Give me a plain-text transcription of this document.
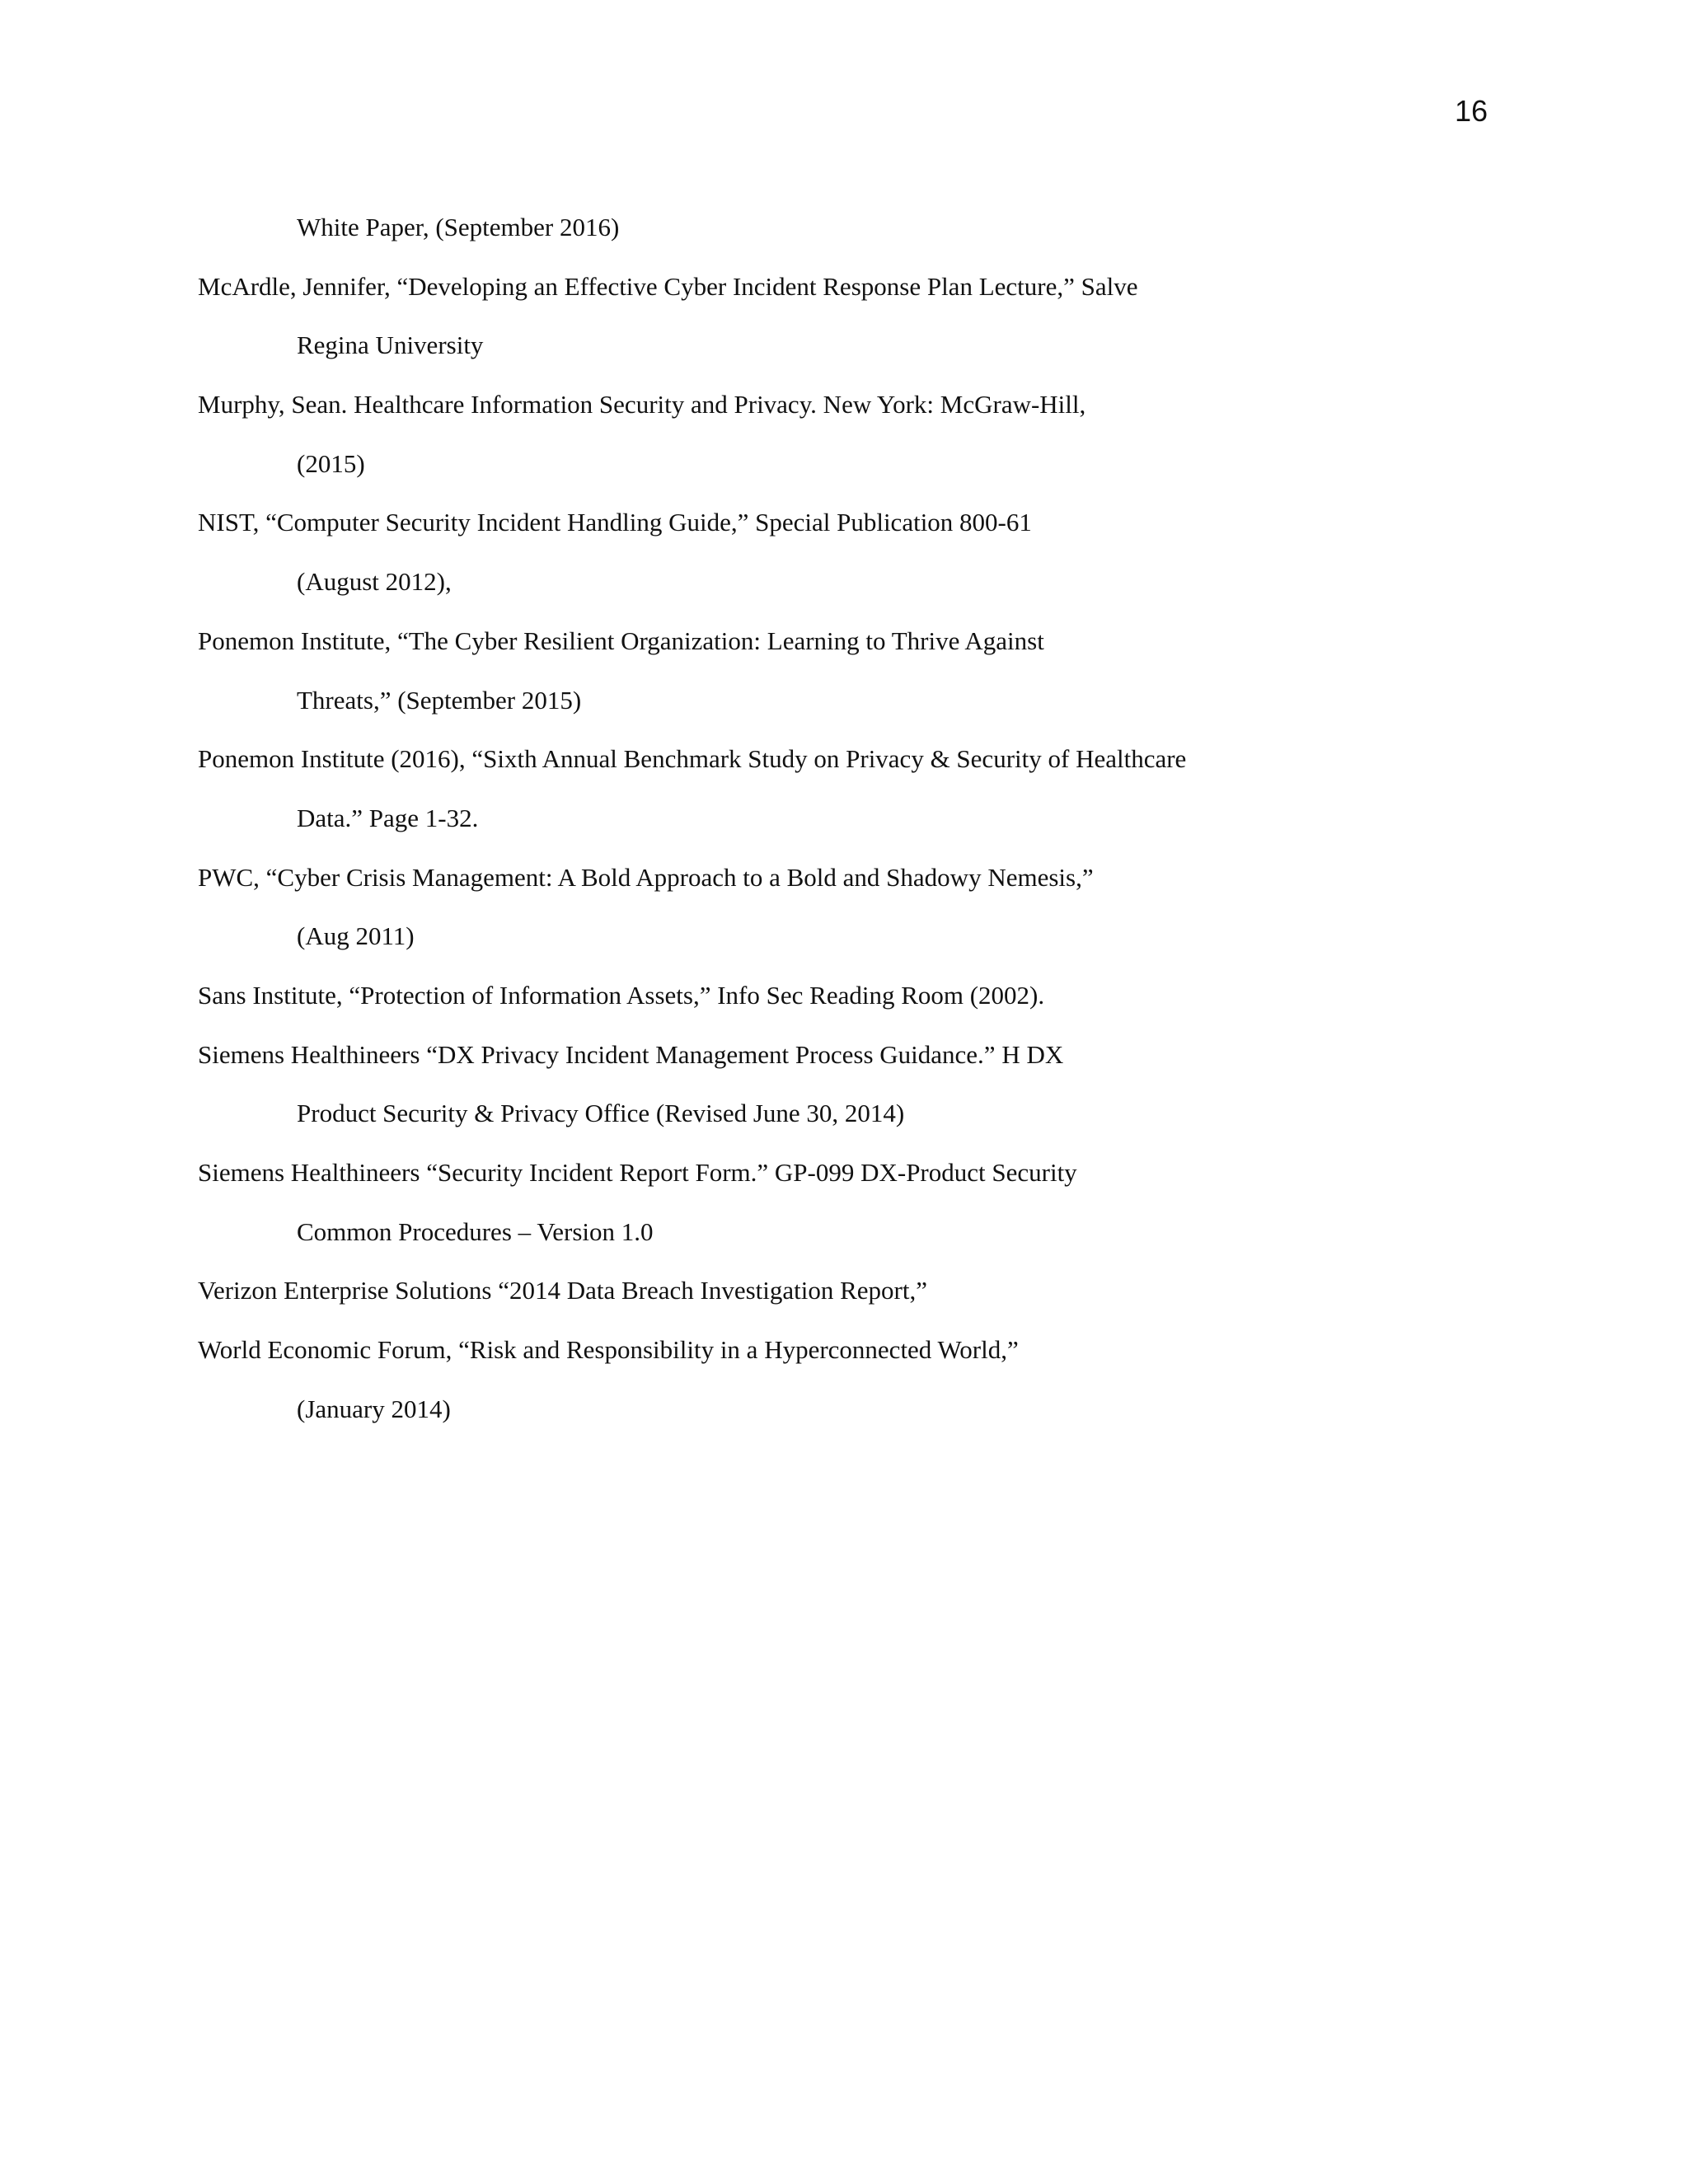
16
White Paper, (September 2016)
McArdle, Jennifer, “Developing an Effective Cyber Incident Response Plan Lecture,” Salve
Regina University
Murphy, Sean. Healthcare Information Security and Privacy. New York: McGraw-Hill,
(2015)
NIST, “Computer Security Incident Handling Guide,” Special Publication 800-61
(August 2012),
Ponemon Institute, “The Cyber Resilient Organization: Learning to Thrive Against
Threats,” (September 2015)
Ponemon Institute (2016), “Sixth Annual Benchmark Study on Privacy & Security of Healthcare
Data.” Page 1-32.
PWC, “Cyber Crisis Management: A Bold Approach to a Bold and Shadowy Nemesis,”
(Aug 2011)
Sans Institute, “Protection of Information Assets,” Info Sec Reading Room (2002).
Siemens Healthineers “DX Privacy Incident Management Process Guidance.” H DX
Product Security & Privacy Office (Revised June 30, 2014)
Siemens Healthineers “Security Incident Report Form.” GP-099 DX-Product Security
Common Procedures – Version 1.0
Verizon Enterprise Solutions “2014 Data Breach Investigation Report,”
World Economic Forum, “Risk and Responsibility in a Hyperconnected World,”
(January 2014)
